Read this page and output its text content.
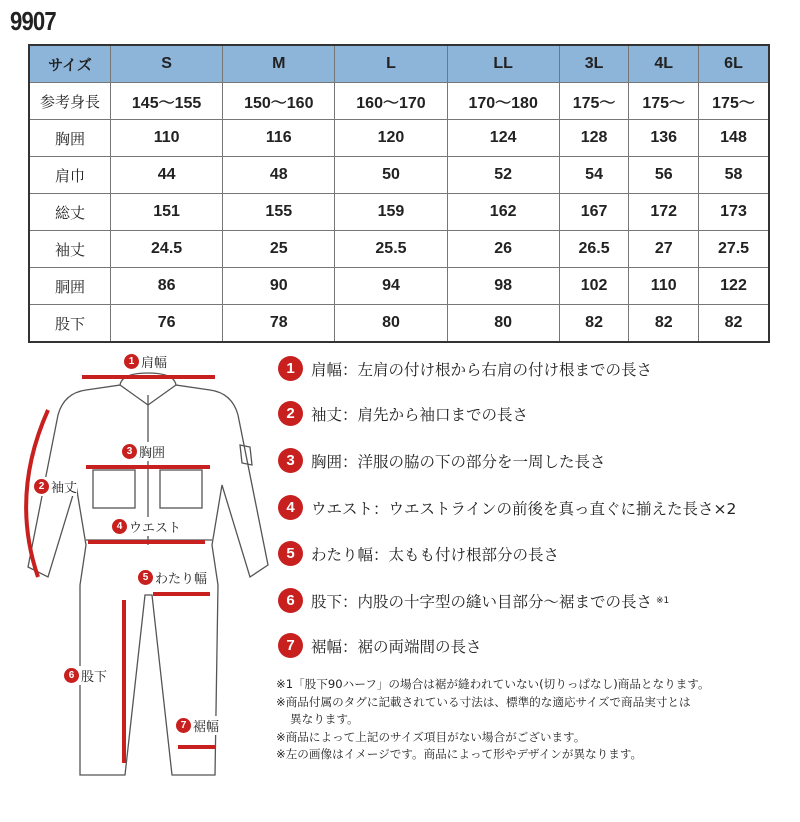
9907
サイズ	S	M	L	LL	3L	4L	6L
参考身長	145〜155	150〜160	160〜170	170〜180	175〜	175〜	175〜
胸囲	110	116	120	124	128	136	148
肩巾	44	48	50	52	54	56	58
総丈	151	155	159	162	167	172	173
袖丈	24.5	25	25.5	26	26.5	27	27.5
胴囲	86	90	94	98	102	110	122
股下	76	78	80	80	82	82	82
1 肩幅
2 袖丈
3 胸囲
4 ウエスト
5 わたり幅
6 股下
7 裾幅
1	肩幅：左肩の付け根から右肩の付け根までの長さ
2	袖丈：肩先から袖口までの長さ
3	胸囲：洋服の脇の下の部分を一周した長さ
4	ウエスト：ウエストラインの前後を真っ直ぐに揃えた長さ×2
5	わたり幅：太もも付け根部分の長さ
6	股下：内股の十字型の縫い目部分〜裾までの長さ ※1
7	裾幅：裾の両端間の長さ
※1「股下90ハーフ」の場合は裾が縫われていない(切りっぱなし)商品となります。
※商品付属のタグに記載されている寸法は、標準的な適応サイズで商品実寸とは
異なります。
※商品によって上記のサイズ項目がない場合がございます。
※左の画像はイメージです。商品によって形やデザインが異なります。
